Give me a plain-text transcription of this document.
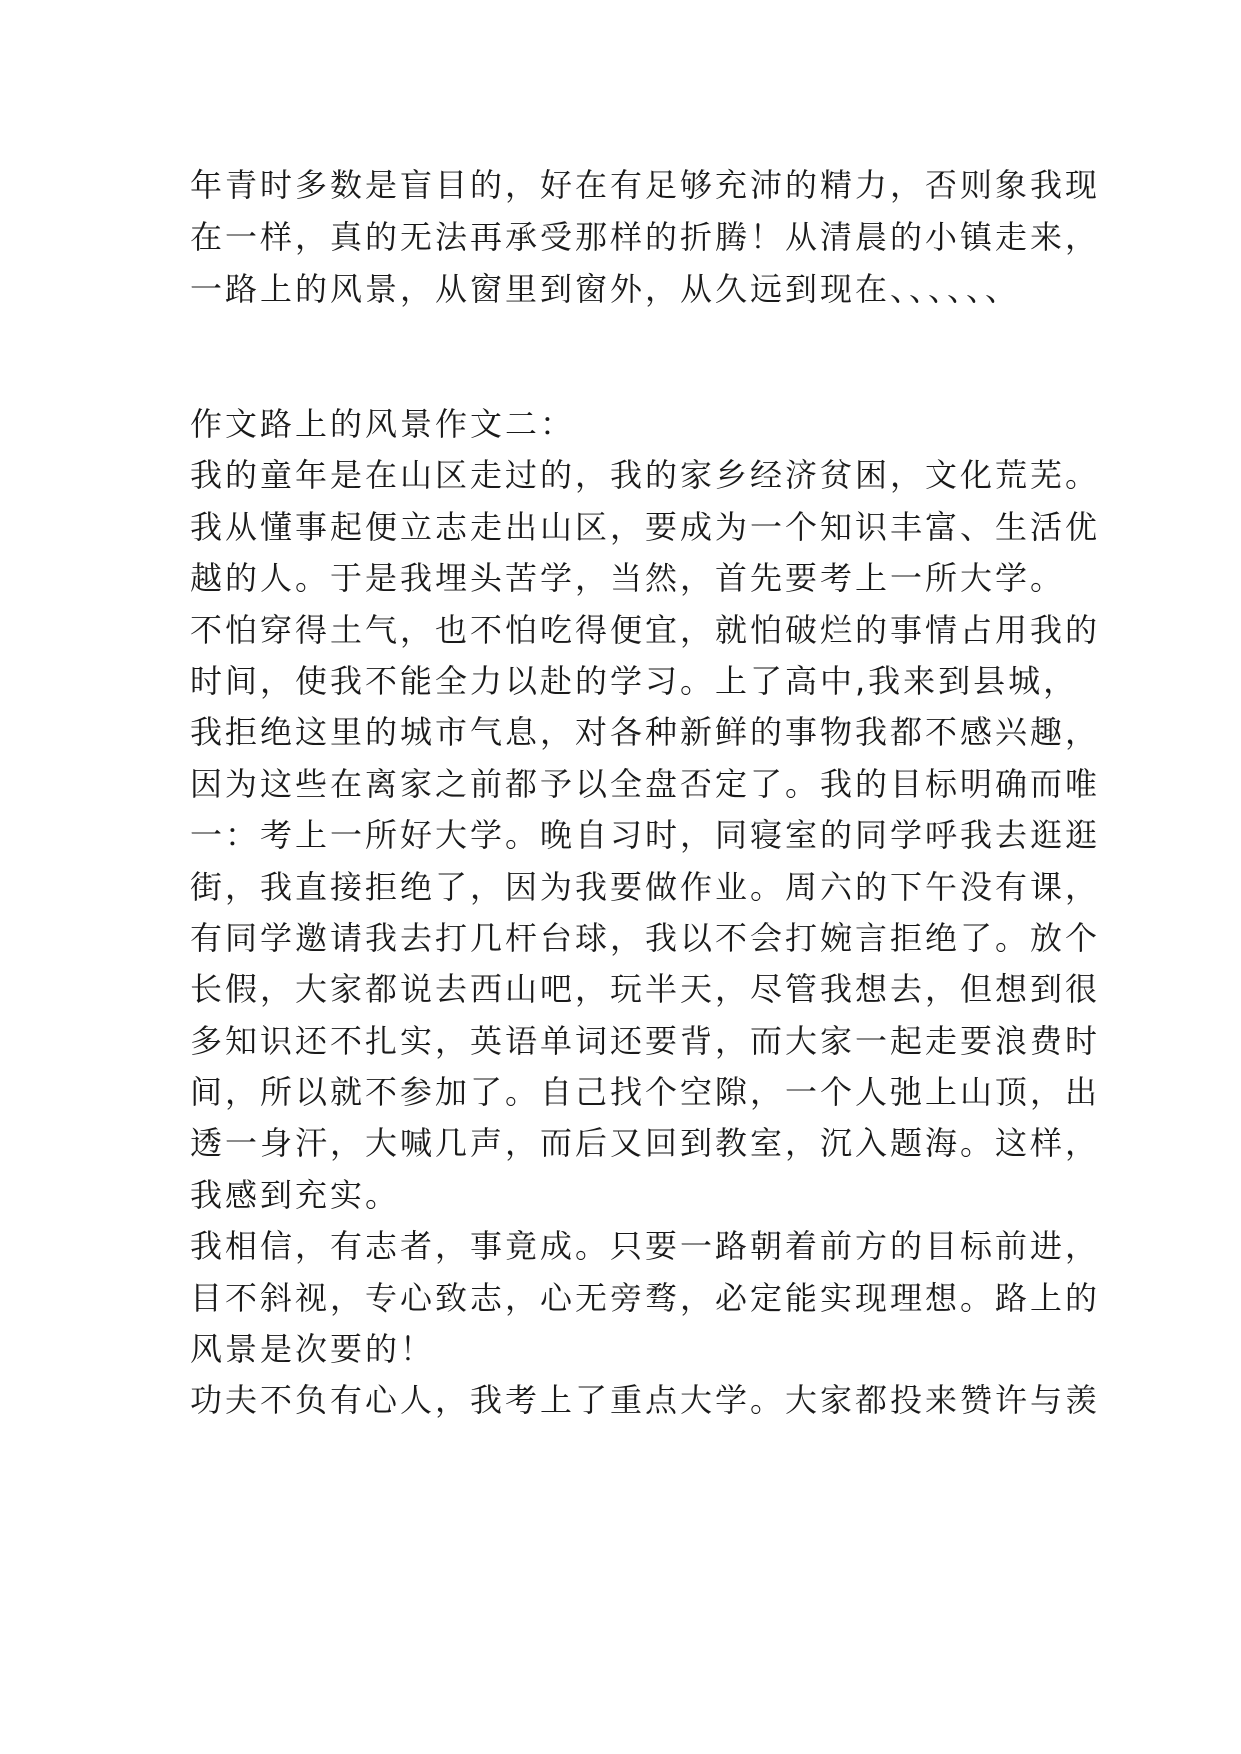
年青时多数是盲目的，好在有足够充沛的精力，否则象我现
在一样，真的无法再承受那样的折腾！从清晨的小镇走来，
一路上的风景，从窗里到窗外，从久远到现在、、、、、、
作文路上的风景作文二：
我的童年是在山区走过的，我的家乡经济贫困，文化荒芜。
我从懂事起便立志走出山区，要成为一个知识丰富、生活优
越的人。于是我埋头苦学，当然，首先要考上一所大学。
不怕穿得土气，也不怕吃得便宜，就怕破烂的事情占用我的
时间，使我不能全力以赴的学习。上了高中,我来到县城，
我拒绝这里的城市气息，对各种新鲜的事物我都不感兴趣，
因为这些在离家之前都予以全盘否定了。我的目标明确而唯
一：考上一所好大学。晚自习时，同寝室的同学呼我去逛逛
街，我直接拒绝了，因为我要做作业。周六的下午没有课，
有同学邀请我去打几杆台球，我以不会打婉言拒绝了。放个
长假，大家都说去西山吧，玩半天，尽管我想去，但想到很
多知识还不扎实，英语单词还要背，而大家一起走要浪费时
间，所以就不参加了。自己找个空隙，一个人弛上山顶，出
透一身汗，大喊几声，而后又回到教室，沉入题海。这样，
我感到充实。
我相信，有志者，事竟成。只要一路朝着前方的目标前进，
目不斜视，专心致志，心无旁骛，必定能实现理想。路上的
风景是次要的！
功夫不负有心人，我考上了重点大学。大家都投来赞许与羡
